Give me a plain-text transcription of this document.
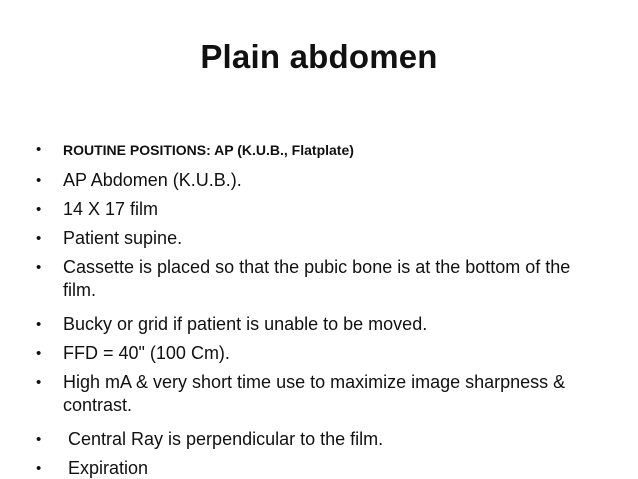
Plain abdomen
• ROUTINE POSITIONS: AP (K.U.B., Flatplate)
• AP Abdomen (K.U.B.).
• 14 X 17 film
• Patient supine.
• Cassette is placed so that the pubic bone is at the bottom of the film.
• Bucky or grid if patient is unable to be moved.
• FFD = 40" (100 Cm).
• High mA & very short time use to maximize image sharpness & contrast.
• Central Ray is perpendicular to the film.
• Expiration
